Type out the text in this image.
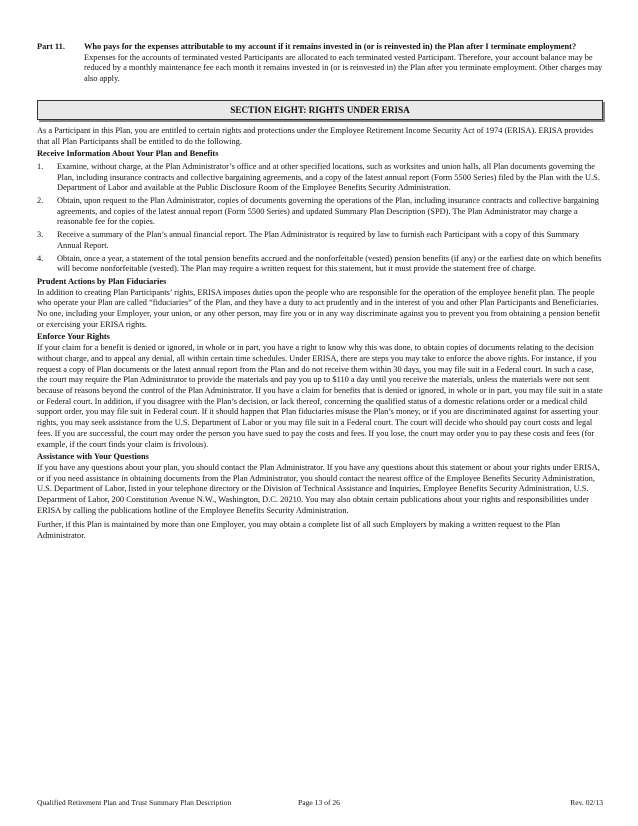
Part 11.	Who pays for the expenses attributable to my account if it remains invested in (or is reinvested in) the Plan after I terminate employment?
Expenses for the accounts of terminated vested Participants are allocated to each terminated vested Participant. Therefore, your account balance may be reduced by a monthly maintenance fee each month it remains invested in (or is reinvested in) the Plan after you terminate employment. Other charges may also apply.
SECTION EIGHT: RIGHTS UNDER ERISA
As a Participant in this Plan, you are entitled to certain rights and protections under the Employee Retirement Income Security Act of 1974 (ERISA). ERISA provides that all Plan Participants shall be entitled to do the following.
Receive Information About Your Plan and Benefits
1.	Examine, without charge, at the Plan Administrator’s office and at other specified locations, such as worksites and union halls, all Plan documents governing the Plan, including insurance contracts and collective bargaining agreements, and a copy of the latest annual report (Form 5500 Series) filed by the Plan with the U.S. Department of Labor and available at the Public Disclosure Room of the Employee Benefits Security Administration.
2.	Obtain, upon request to the Plan Administrator, copies of documents governing the operations of the Plan, including insurance contracts and collective bargaining agreements, and copies of the latest annual report (Form 5500 Series) and updated Summary Plan Description (SPD). The Plan Administrator may charge a reasonable fee for the copies.
3.	Receive a summary of the Plan’s annual financial report. The Plan Administrator is required by law to furnish each Participant with a copy of this Summary Annual Report.
4.	Obtain, once a year, a statement of the total pension benefits accrued and the nonforfeitable (vested) pension benefits (if any) or the earliest date on which benefits will become nonforfeitable (vested). The Plan may require a written request for this statement, but it must provide the statement free of charge.
Prudent Actions by Plan Fiduciaries
In addition to creating Plan Participants’ rights, ERISA imposes duties upon the people who are responsible for the operation of the employee benefit plan. The people who operate your Plan are called “fiduciaries” of the Plan, and they have a duty to act prudently and in the interest of you and other Plan Participants and Beneficiaries. No one, including your Employer, your union, or any other person, may fire you or in any way discriminate against you to prevent you from obtaining a pension benefit or exercising your ERISA rights.
Enforce Your Rights
If your claim for a benefit is denied or ignored, in whole or in part, you have a right to know why this was done, to obtain copies of documents relating to the decision without charge, and to appeal any denial, all within certain time schedules. Under ERISA, there are steps you may take to enforce the above rights. For instance, if you request a copy of Plan documents or the latest annual report from the Plan and do not receive them within 30 days, you may file suit in a Federal court. In such a case, the court may require the Plan Administrator to provide the materials and pay you up to $110 a day until you receive the materials, unless the materials were not sent because of reasons beyond the control of the Plan Administrator. If you have a claim for benefits that is denied or ignored, in whole or in part, you may file suit in a state or Federal court. In addition, if you disagree with the Plan’s decision, or lack thereof, concerning the qualified status of a domestic relations order or a medical child support order, you may file suit in Federal court. If it should happen that Plan fiduciaries misuse the Plan’s money, or if you are discriminated against for asserting your rights, you may seek assistance from the U.S. Department of Labor or you may file suit in a Federal court. The court will decide who should pay court costs and legal fees. If you are successful, the court may order the person you have sued to pay the costs and fees. If you lose, the court may order you to pay these costs and fees (for example, if the court finds your claim is frivolous).
Assistance with Your Questions
If you have any questions about your plan, you should contact the Plan Administrator. If you have any questions about this statement or about your rights under ERISA, or if you need assistance in obtaining documents from the Plan Administrator, you should contact the nearest office of the Employee Benefits Security Administration, U.S. Department of Labor, listed in your telephone directory or the Division of Technical Assistance and Inquiries, Employee Benefits Security Administration, U.S. Department of Labor, 200 Constitution Avenue N.W., Washington, D.C. 20210. You may also obtain certain publications about your rights and responsibilities under ERISA by calling the publications hotline of the Employee Benefits Security Administration.
Further, if this Plan is maintained by more than one Employer, you may obtain a complete list of all such Employers by making a written request to the Plan Administrator.
Qualified Retirement Plan and Trust Summary Plan Description	Page 13 of 26	Rev. 02/13
